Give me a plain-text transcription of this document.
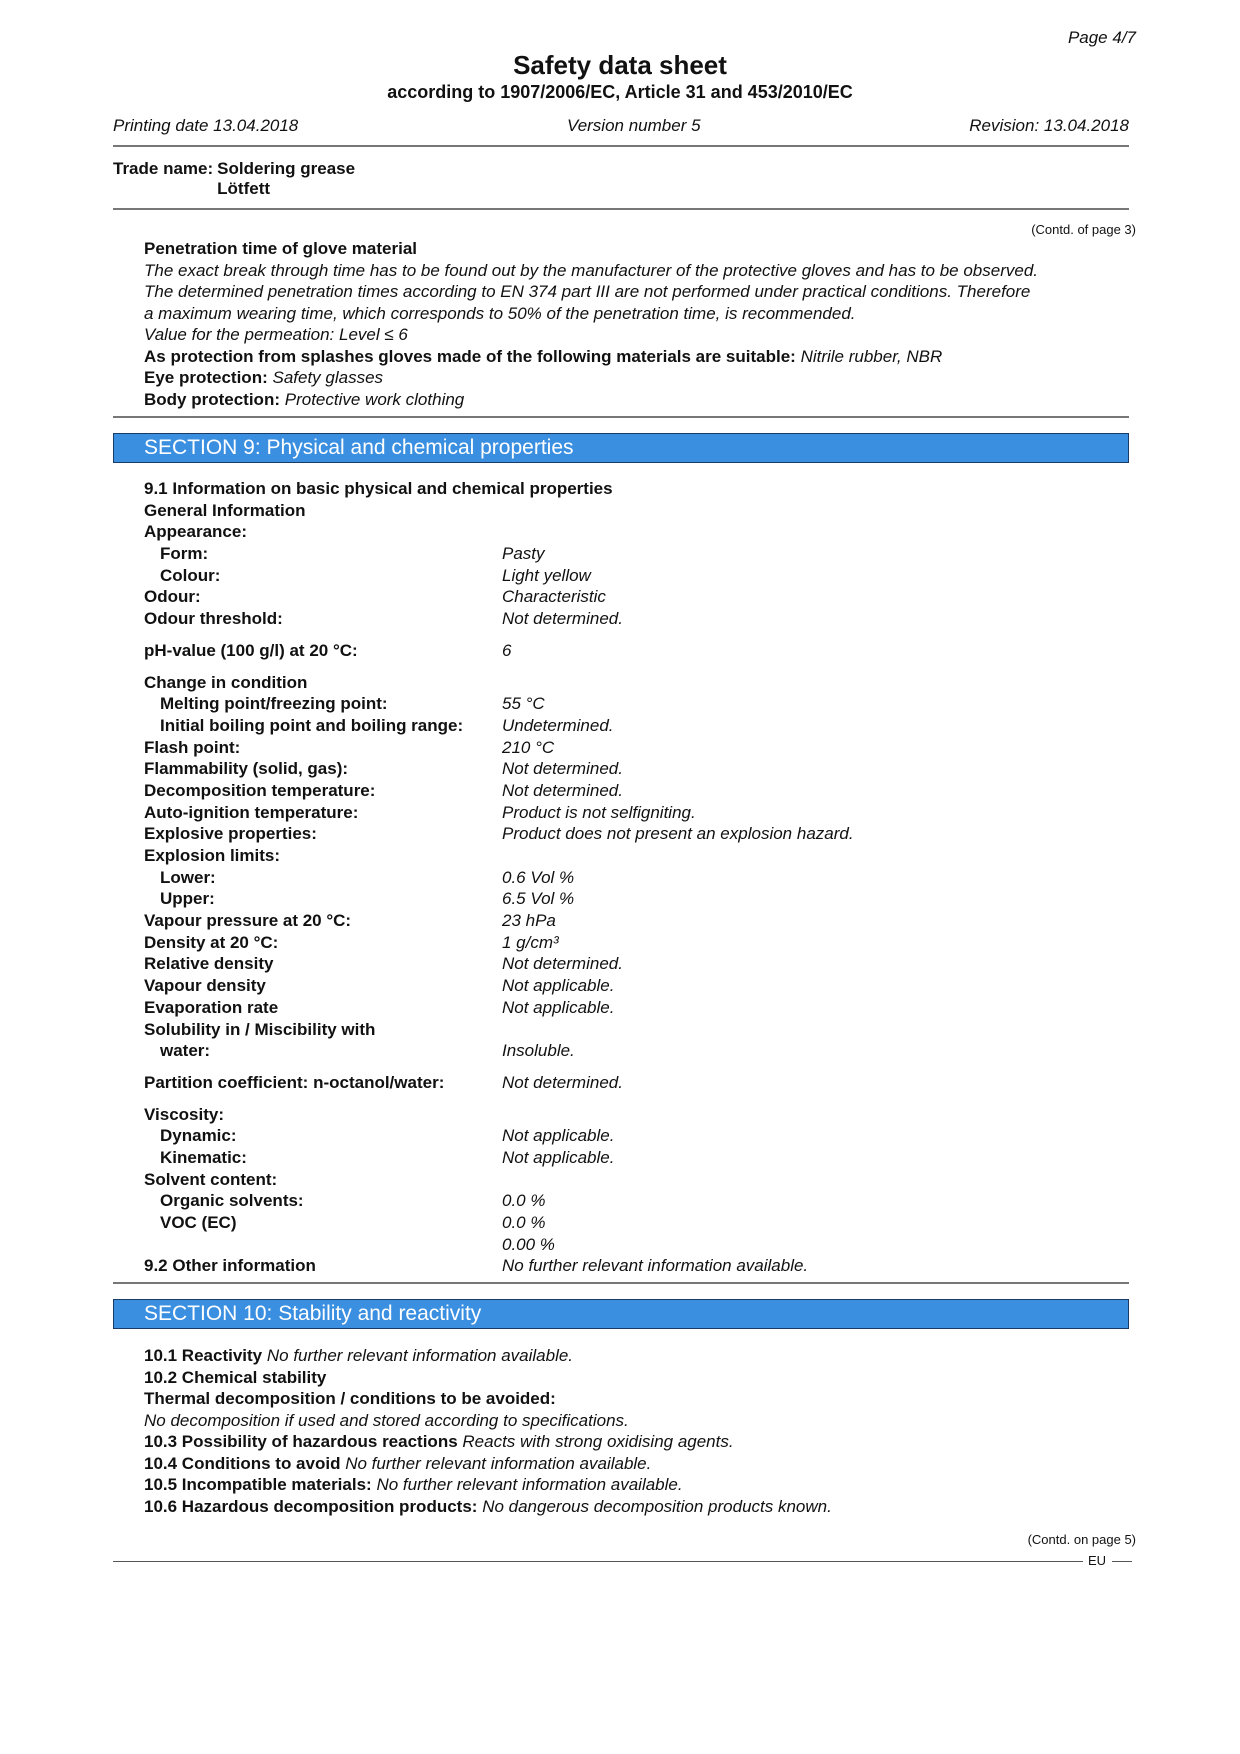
Page 4/7
Safety data sheet
according to 1907/2006/EC, Article 31 and 453/2010/EC
Printing date 13.04.2018	Version number 5	Revision: 13.04.2018
Trade name: Soldering grease
Lötfett
(Contd. of page 3)
Penetration time of glove material
The exact break through time has to be found out by the manufacturer of the protective gloves and has to be observed.
The determined penetration times according to EN 374 part III are not performed under practical conditions. Therefore
a maximum wearing time, which corresponds to 50% of the penetration time, is recommended.
Value for the permeation: Level ≤ 6
As protection from splashes gloves made of the following materials are suitable: Nitrile rubber, NBR
Eye protection: Safety glasses
Body protection: Protective work clothing
SECTION 9: Physical and chemical properties
9.1 Information on basic physical and chemical properties
General Information
Appearance:
Form:	Pasty
Colour:	Light yellow
Odour:	Characteristic
Odour threshold:	Not determined.
pH-value (100 g/l) at 20 °C:	6
Change in condition
Melting point/freezing point:	55 °C
Initial boiling point and boiling range:	Undetermined.
Flash point:	210 °C
Flammability (solid, gas):	Not determined.
Decomposition temperature:	Not determined.
Auto-ignition temperature:	Product is not selfigniting.
Explosive properties:	Product does not present an explosion hazard.
Explosion limits:
Lower:	0.6 Vol %
Upper:	6.5 Vol %
Vapour pressure at 20 °C:	23 hPa
Density at 20 °C:	1 g/cm³
Relative density	Not determined.
Vapour density	Not applicable.
Evaporation rate	Not applicable.
Solubility in / Miscibility with
water:	Insoluble.
Partition coefficient: n-octanol/water:	Not determined.
Viscosity:
Dynamic:	Not applicable.
Kinematic:	Not applicable.
Solvent content:
Organic solvents:	0.0 %
VOC (EC)	0.0 %
0.00 %
9.2 Other information	No further relevant information available.
SECTION 10: Stability and reactivity
10.1 Reactivity No further relevant information available.
10.2 Chemical stability
Thermal decomposition / conditions to be avoided:
No decomposition if used and stored according to specifications.
10.3 Possibility of hazardous reactions Reacts with strong oxidising agents.
10.4 Conditions to avoid No further relevant information available.
10.5 Incompatible materials: No further relevant information available.
10.6 Hazardous decomposition products: No dangerous decomposition products known.
(Contd. on page 5)
EU
